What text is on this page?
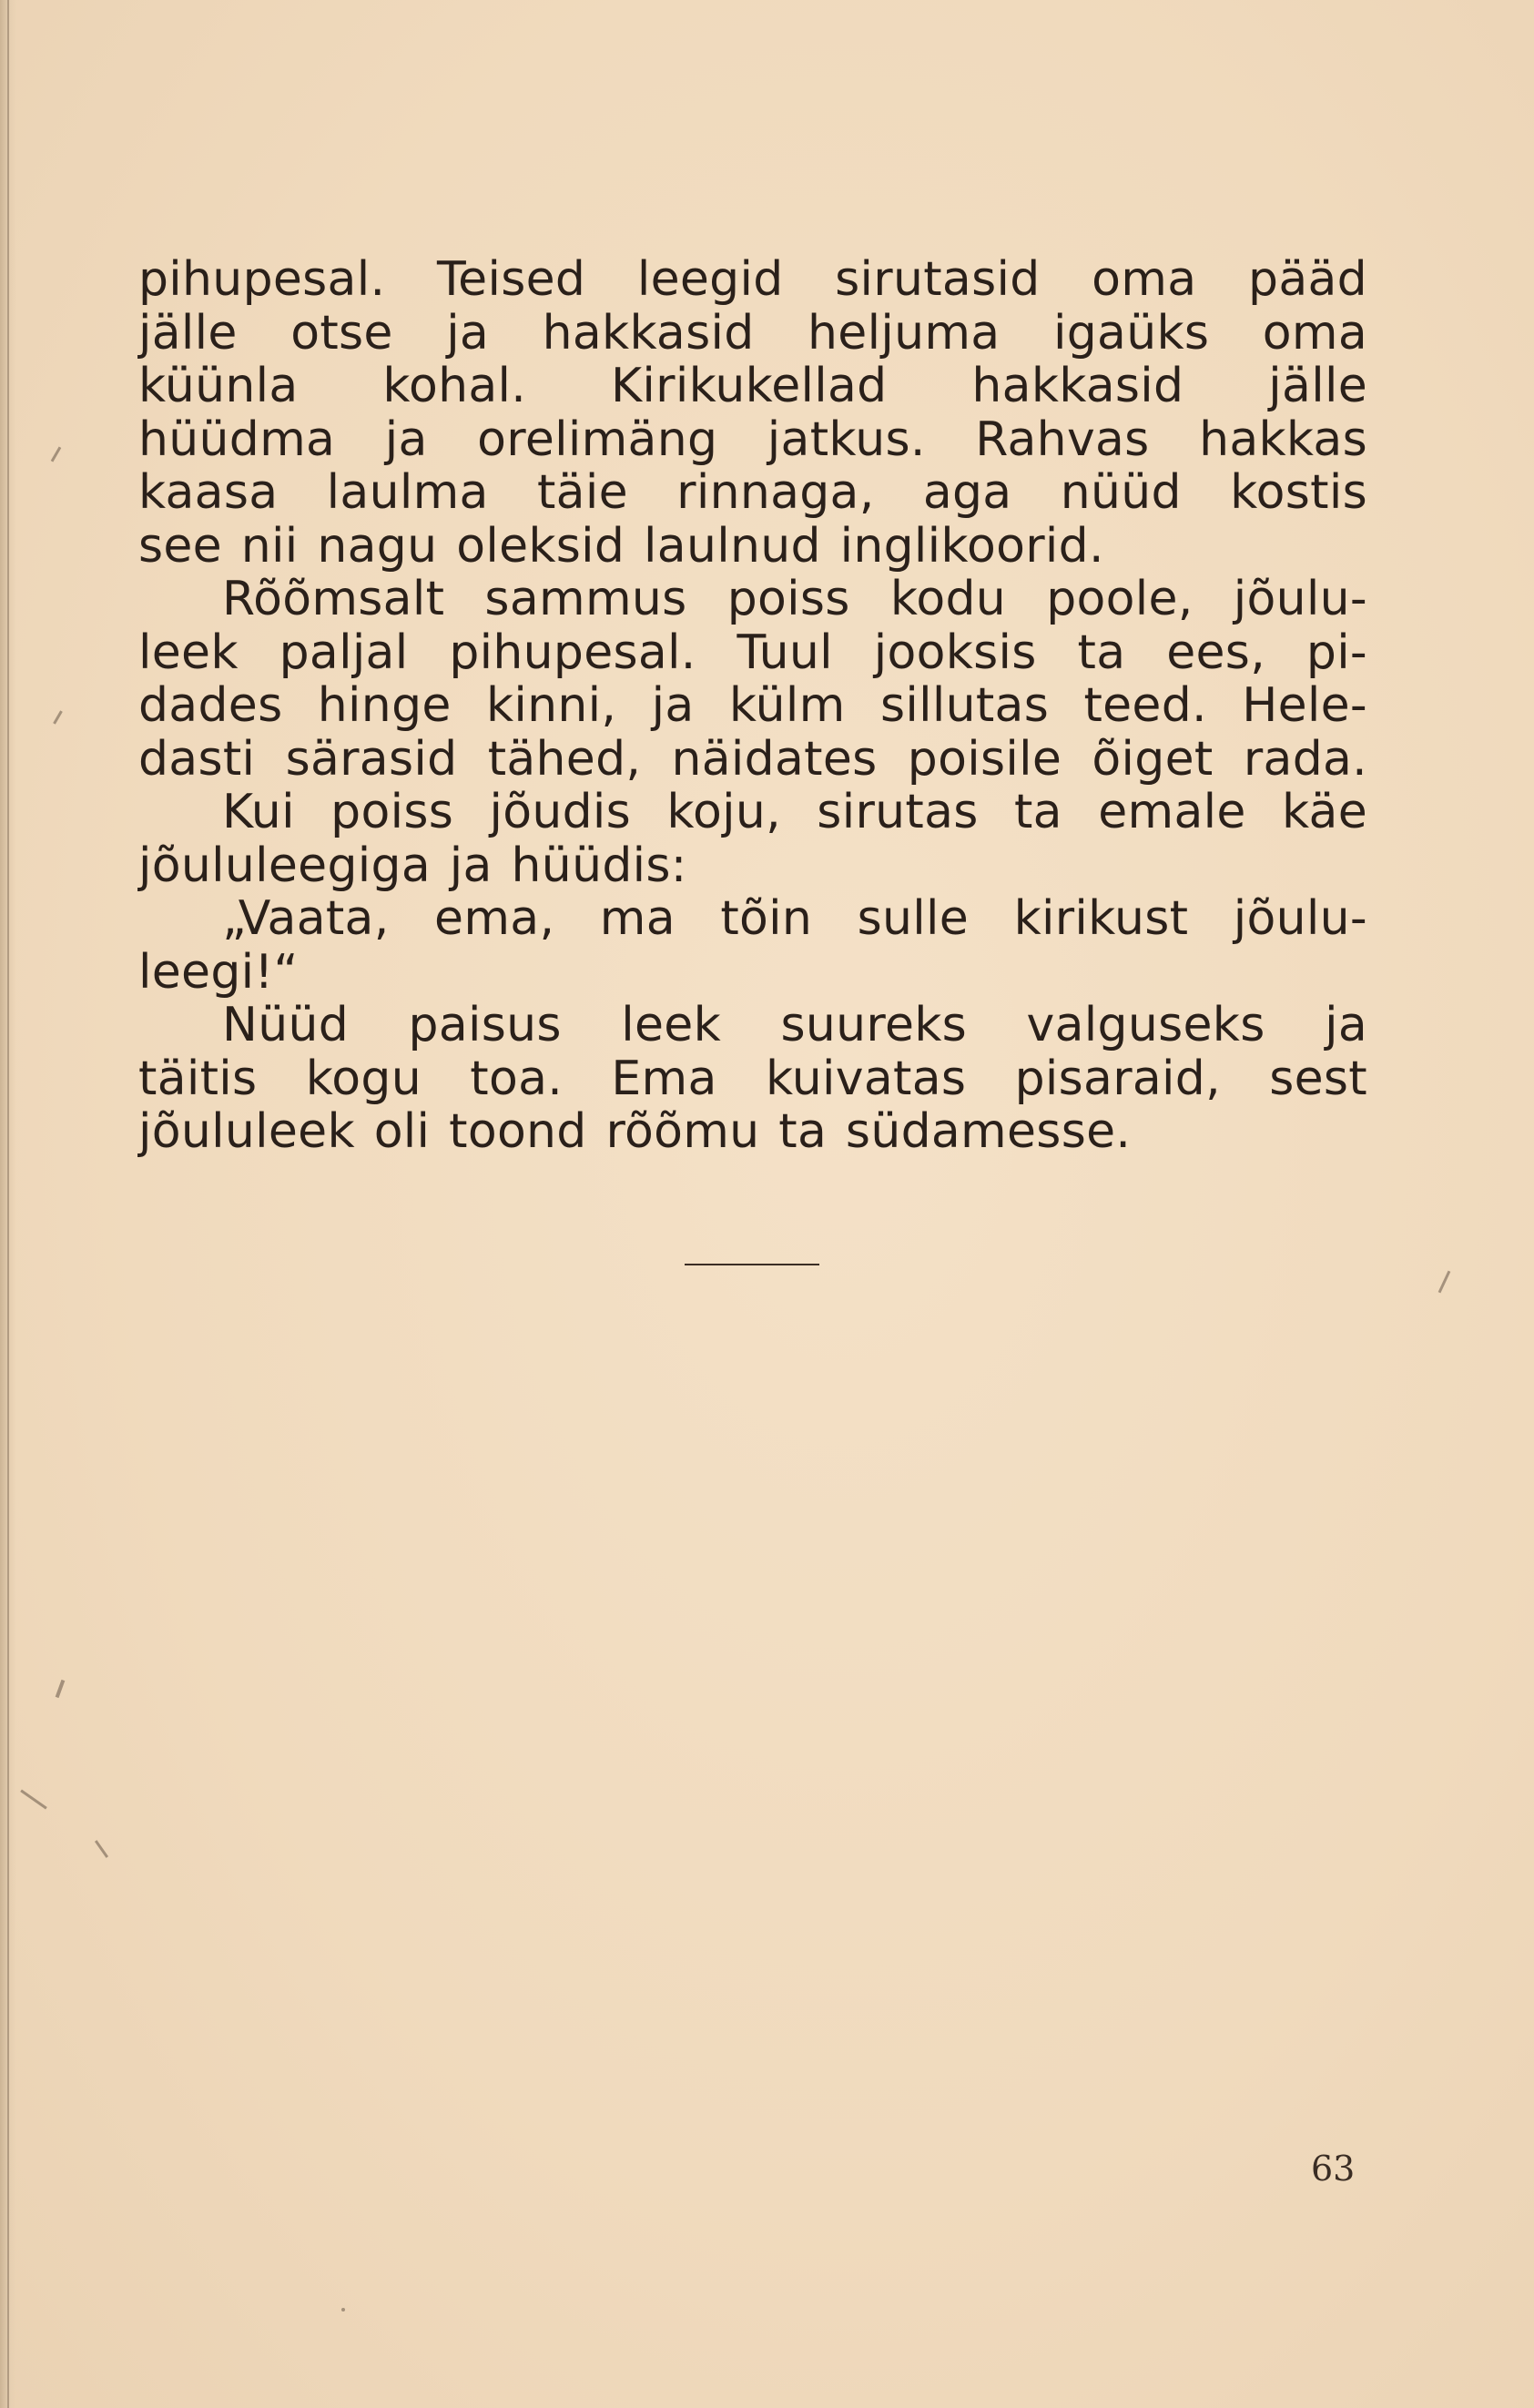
pihupesal. Teised leegid sirutasid oma pääd
jälle otse ja hakkasid heljuma igaüks oma
küünla kohal. Kirikukellad hakkasid jälle
hüüdma ja orelimäng jatkus. Rahvas hakkas
kaasa laulma täie rinnaga, aga nüüd kostis
see nii nagu oleksid laulnud inglikoorid.
Rõõmsalt sammus poiss kodu poole, jõulu-
leek paljal pihupesal. Tuul jooksis ta ees, pi-
dades hinge kinni, ja külm sillutas teed. Hele-
dasti särasid tähed, näidates poisile õiget rada.
Kui poiss jõudis koju, sirutas ta emale käe
jõululeegiga ja hüüdis:
„Vaata, ema, ma tõin sulle kirikust jõulu-
leegi!“
Nüüd paisus leek suureks valguseks ja
täitis kogu toa. Ema kuivatas pisaraid, sest
jõululeek oli toond rõõmu ta südamesse.
63
